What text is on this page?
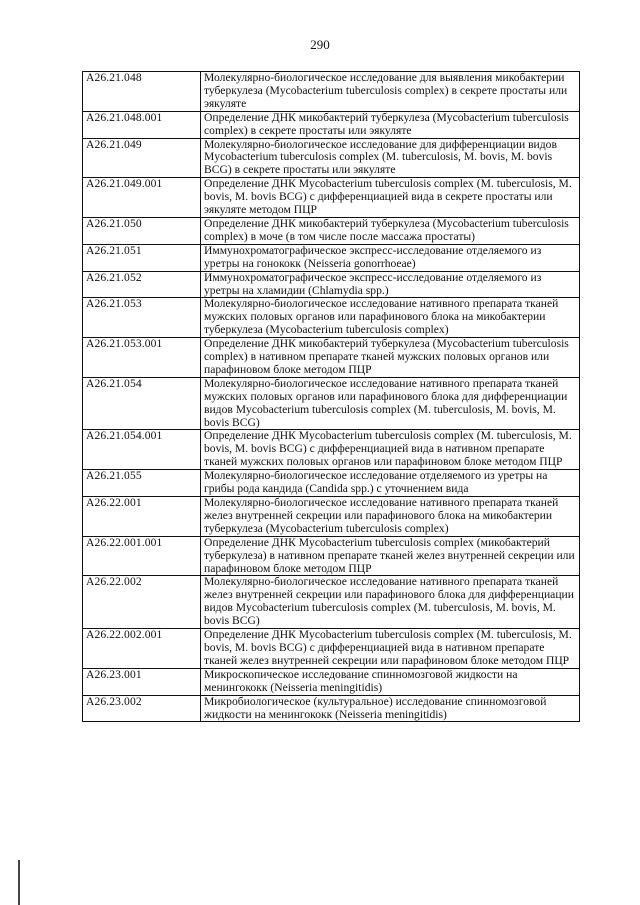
290
A26.21.048	Молекулярно-биологическое исследование для выявления микобактерии туберкулеза (Mycobacterium tuberculosis complex) в секрете простаты или эякуляте
A26.21.048.001	Определение ДНК микобактерий туберкулеза (Mycobacterium tuberculosis complex) в секрете простаты или эякуляте
A26.21.049	Молекулярно-биологическое исследование для дифференциации видов Mycobacterium tuberculosis complex (M. tuberculosis, M. bovis, M. bovis BCG) в секрете простаты или эякуляте
A26.21.049.001	Определение ДНК Mycobacterium tuberculosis complex (M. tuberculosis, M. bovis, M. bovis BCG) с дифференциацией вида в секрете простаты или эякуляте методом ПЦР
A26.21.050	Определение ДНК микобактерий туберкулеза (Mycobacterium tuberculosis complex) в моче (в том числе после массажа простаты)
A26.21.051	Иммунохроматографическое экспресс-исследование отделяемого из уретры на гонококк (Neisseria gonorrhoeae)
A26.21.052	Иммунохроматографическое экспресс-исследование отделяемого из уретры на хламидии (Chlamydia spp.)
A26.21.053	Молекулярно-биологическое исследование нативного препарата тканей мужских половых органов или парафинового блока на микобактерии туберкулеза (Mycobacterium tuberculosis complex)
A26.21.053.001	Определение ДНК микобактерий туберкулеза (Mycobacterium tuberculosis complex) в нативном препарате тканей мужских половых органов или парафиновом блоке методом ПЦР
A26.21.054	Молекулярно-биологическое исследование нативного препарата тканей мужских половых органов или парафинового блока для дифференциации видов Mycobacterium tuberculosis complex (M. tuberculosis, M. bovis, M. bovis BCG)
A26.21.054.001	Определение ДНК Mycobacterium tuberculosis complex (M. tuberculosis, M. bovis, M. bovis BCG) с дифференциацией вида в нативном препарате тканей мужских половых органов или парафиновом блоке методом ПЦР
A26.21.055	Молекулярно-биологическое исследование отделяемого из уретры на грибы рода кандида (Candida spp.) с уточнением вида
A26.22.001	Молекулярно-биологическое исследование нативного препарата тканей желез внутренней секреции или парафинового блока на микобактерии туберкулеза (Mycobacterium tuberculosis complex)
A26.22.001.001	Определение ДНК Mycobacterium tuberculosis complex (микобактерий туберкулеза) в нативном препарате тканей желез внутренней секреции или парафиновом блоке методом ПЦР
A26.22.002	Молекулярно-биологическое исследование нативного препарата тканей желез внутренней секреции или парафинового блока для дифференциации видов Mycobacterium tuberculosis complex (M. tuberculosis, M. bovis, M. bovis BCG)
A26.22.002.001	Определение ДНК Mycobacterium tuberculosis complex (M. tuberculosis, M. bovis, M. bovis BCG) с дифференциацией вида в нативном препарате тканей желез внутренней секреции или парафиновом блоке методом ПЦР
A26.23.001	Микроскопическое исследование спинномозговой жидкости на менингококк (Neisseria meningitidis)
A26.23.002	Микробиологическое (культуральное) исследование спинномозговой жидкости на менингококк (Neisseria meningitidis)
